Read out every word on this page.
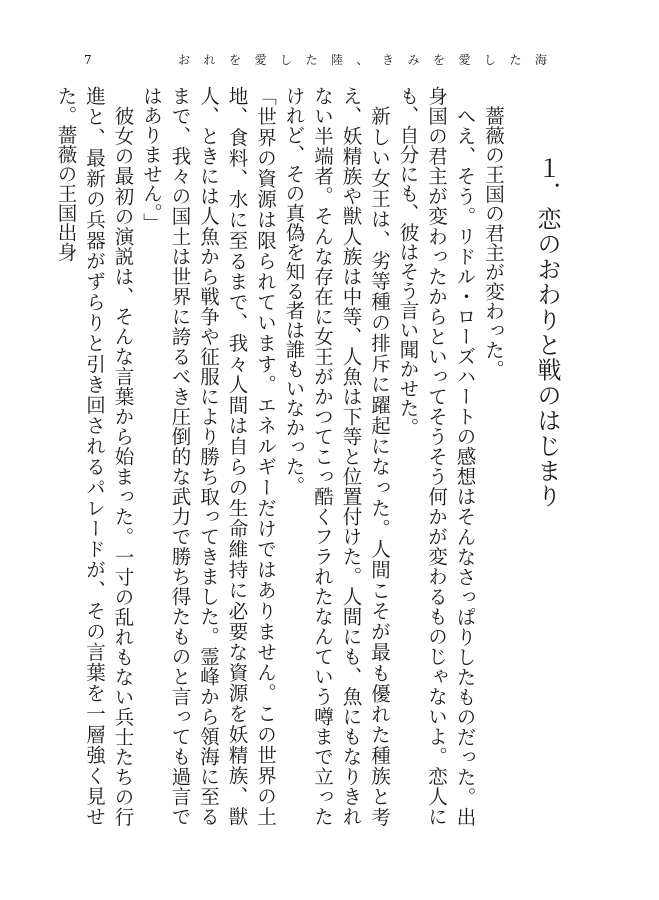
7	おれを愛した陸、きみを愛した海
１．恋のおわりと戦のはじまり

薔薇の王国の君主が変わった。

へえ、そう。リドル・ローズハートの感想はそんなさっぱりしたものだった。出身国の君主が変わったからといってそうそう何かが変わるものじゃないよ。恋人にも、自分にも、彼はそう言い聞かせた。

新しい女王は、劣等種の排斥に躍起になった。人間こそが最も優れた種族と考え、妖精族や獣人族は中等、人魚は下等と位置付けた。人間にも、魚にもなりきれない半端者。そんな存在に女王がかつてこっ酷くフラれたなんていう噂まで立ったけれど、その真偽を知る者は誰もいなかった。

「世界の資源は限られています。エネルギーだけではありません。この世界の土地、食料、水に至るまで、我々人間は自らの生命維持に必要な資源を妖精族、獣人、ときには人魚から戦争や征服により勝ち取ってきました。霊峰から領海に至るまで、我々の国土は世界に誇るべき圧倒的な武力で勝ち得たものと言っても過言ではありません。」

彼女の最初の演説は、そんな言葉から始まった。一寸の乱れもない兵士たちの行進と、最新の兵器がずらりと引き回されるパレードが、その言葉を一層強く見せた。薔薇の王国出身
